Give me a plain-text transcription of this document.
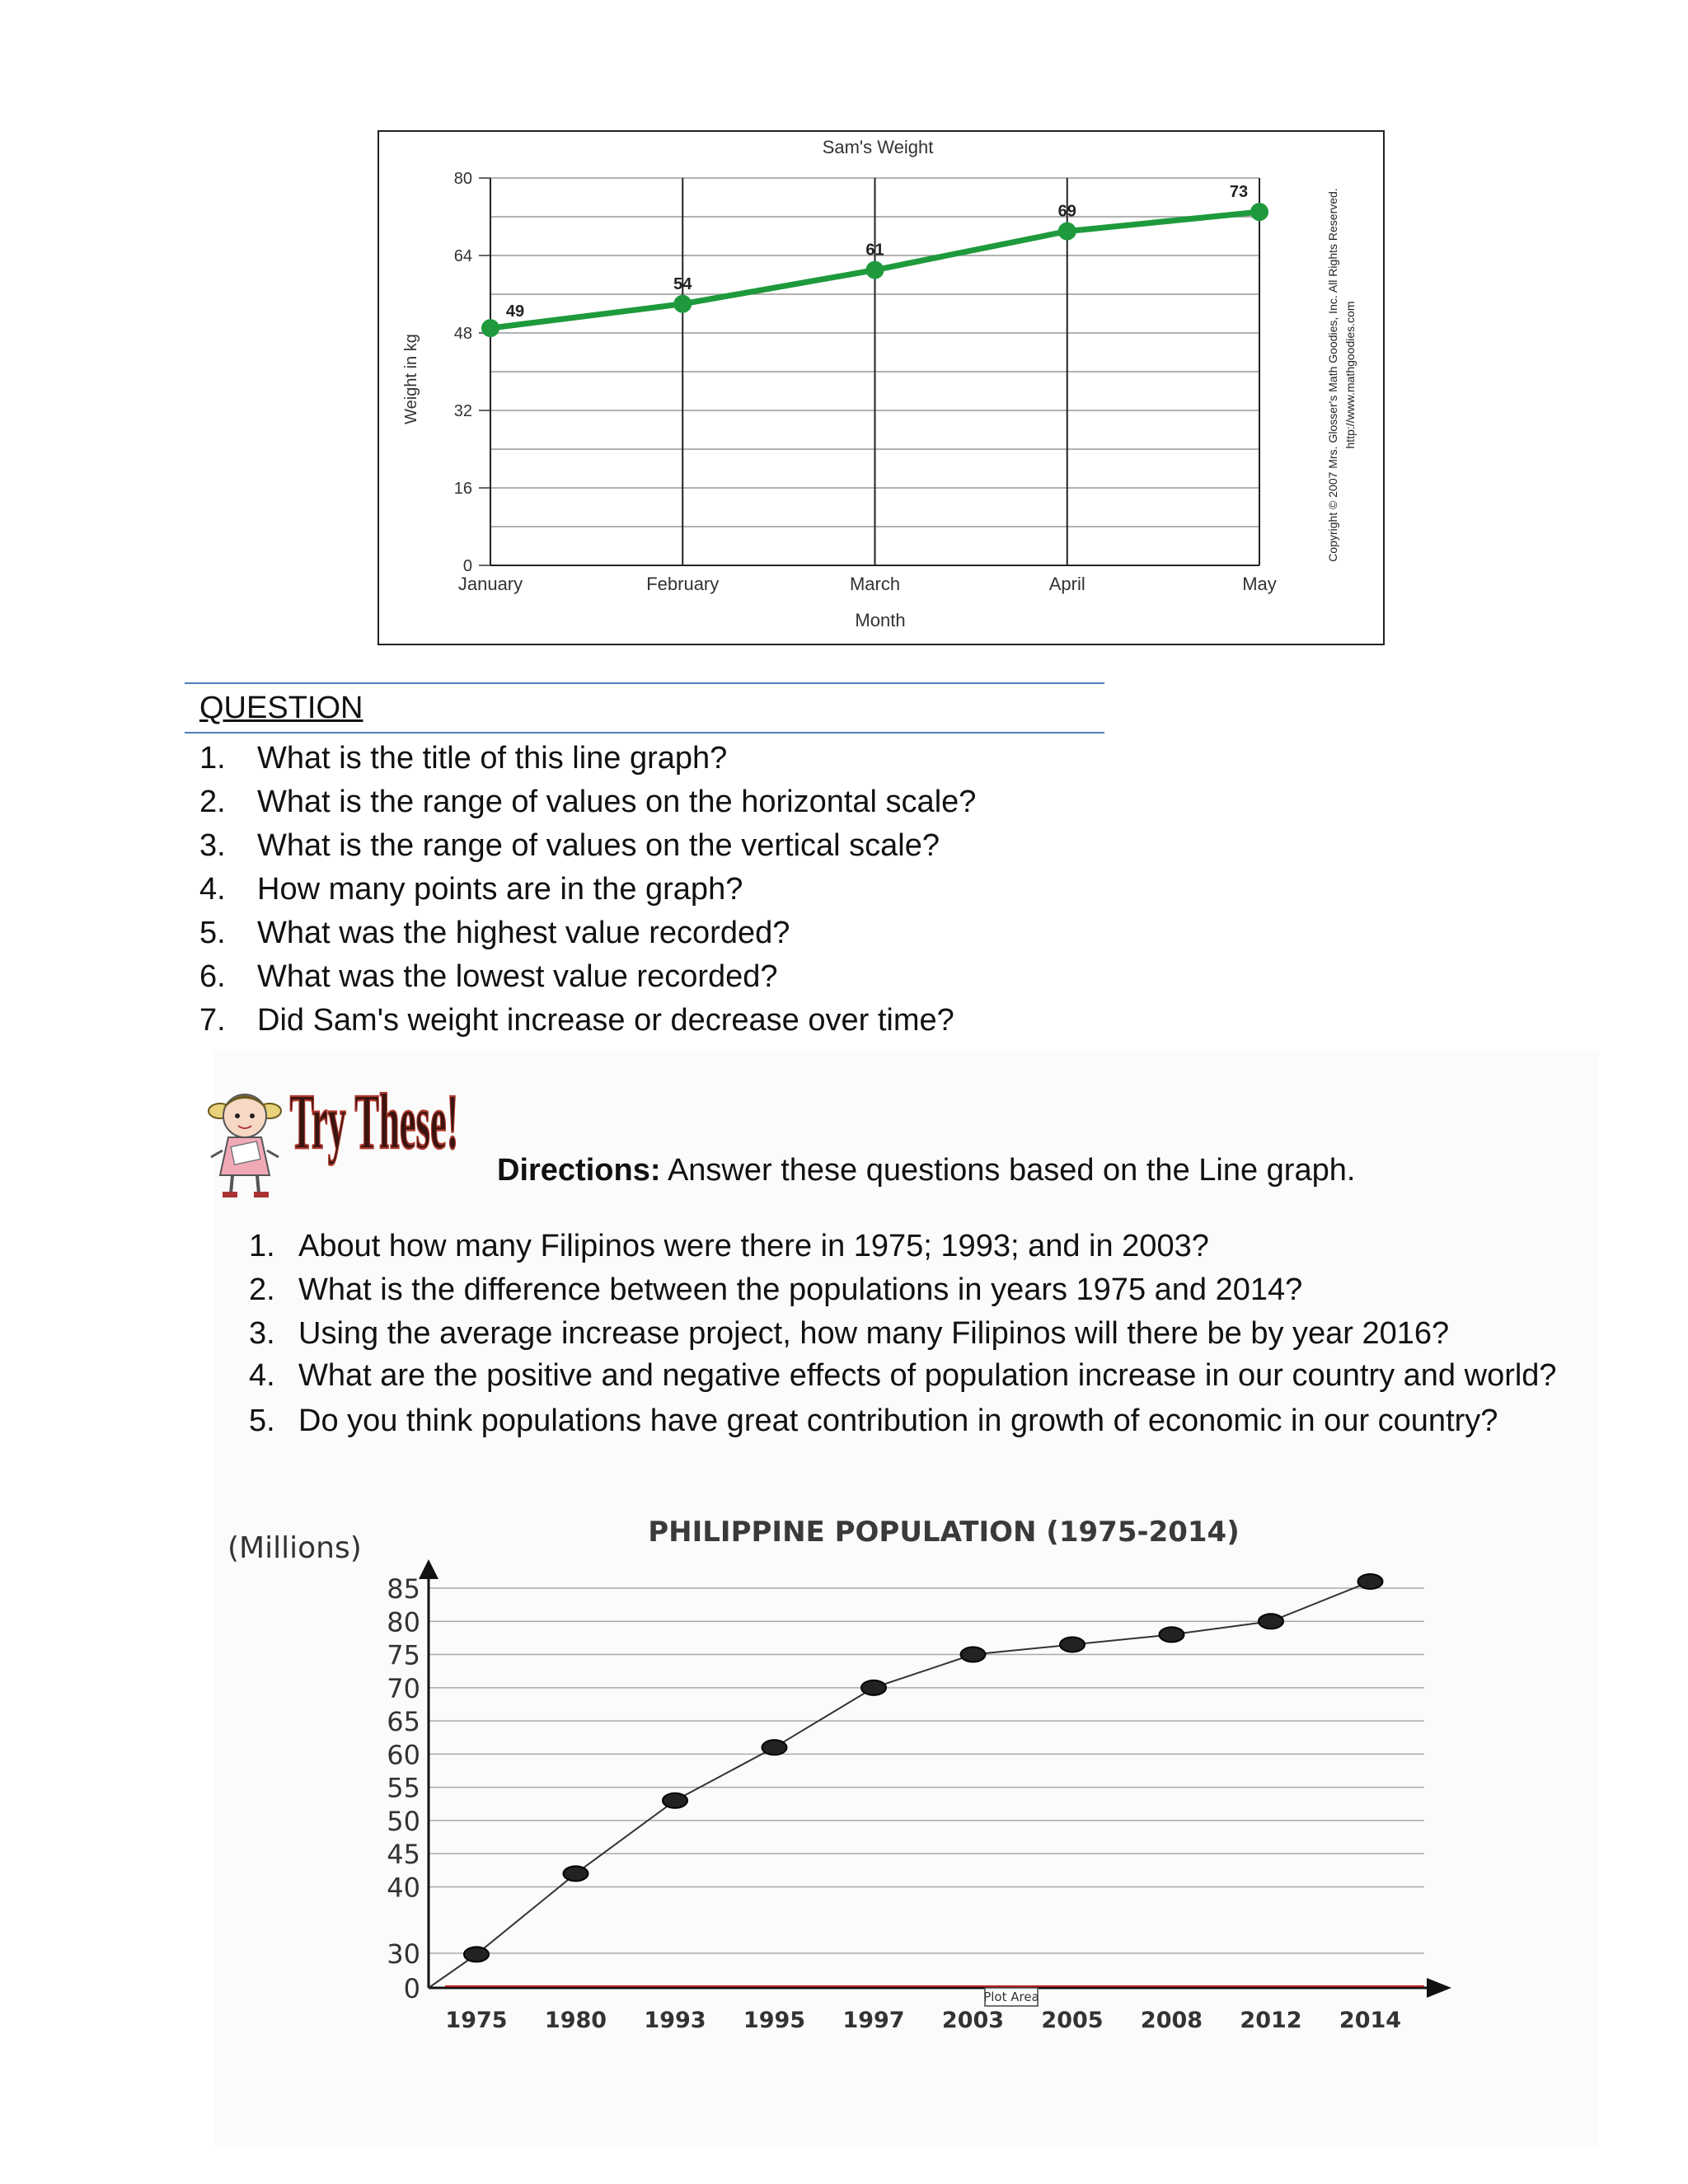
Sam's Weight
Month
Weight in kg	Copyright © 2007 Mrs. Glosser's Math Goodies, Inc. All Rights Reserved. http://www.mathgoodies.com
0
16
32
48
64
80
January	February	March	April	May
49
54
61
69
73
QUESTION
1. What is the title of this line graph?
2. What is the range of values on the horizontal scale?
3. What is the range of values on the vertical scale?
4. How many points are in the graph?
5. What was the highest value recorded?
6. What was the lowest value recorded?
7. Did Sam's weight increase or decrease over time?
Try These!
Directions: Answer these questions based on the Line graph.
1. About how many Filipinos were there in 1975; 1993; and in 2003?
2. What is the difference between the populations in years 1975 and 2014?
3. Using the average increase project, how many Filipinos will there be by year 2016?
4. What are the positive and negative effects of population increase in our country and world?
5. Do you think populations have great contribution in growth of economic in our country?
PHILIPPINE POPULATION (1975-2014)
(Millions)
0
30
40
45
50
55
60
65
70
75
80
85
1975 1980 1993 1995 1997 2003 2005 2008 2012 2014
Plot Area
